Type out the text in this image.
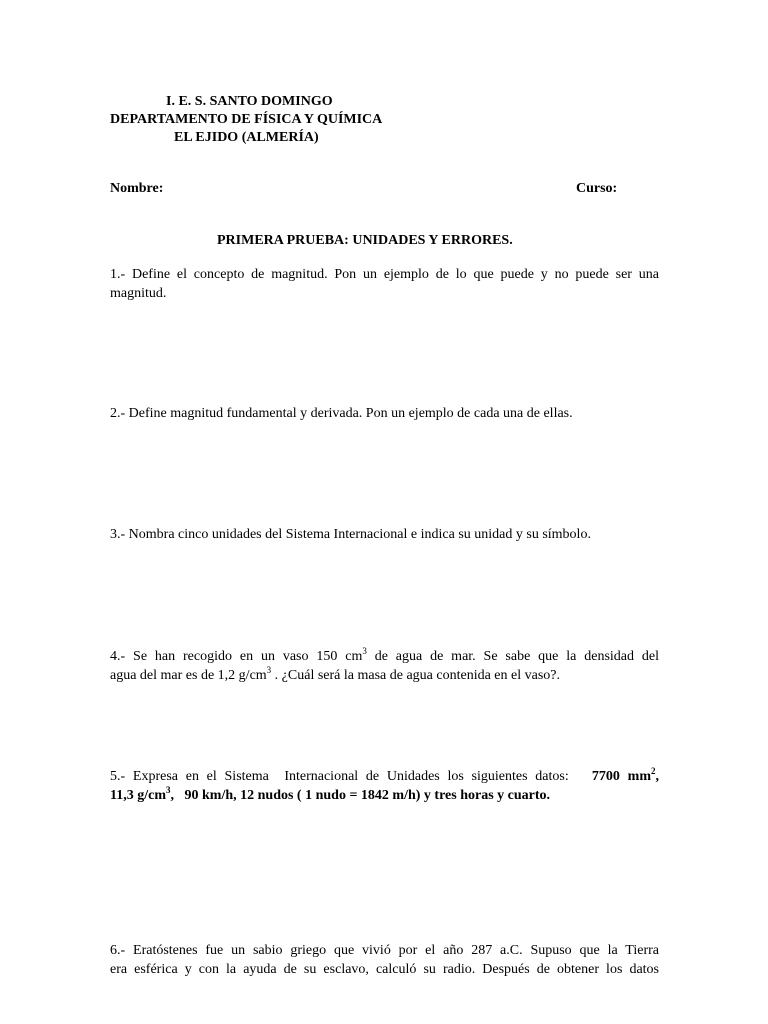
I. E. S. SANTO DOMINGO
DEPARTAMENTO DE FÍSICA Y QUÍMICA
EL EJIDO (ALMERÍA)
Nombre:	Curso:
PRIMERA PRUEBA: UNIDADES Y ERRORES.
1.- Define el concepto de magnitud. Pon un ejemplo de lo que puede y no puede ser una
magnitud.
2.- Define magnitud fundamental y derivada. Pon un ejemplo de cada una de ellas.
3.- Nombra cinco unidades del Sistema Internacional e indica su unidad y su símbolo.
4.- Se han recogido en un vaso 150 $cm^3$ de agua de mar. Se sabe que la densidad del
agua del mar es de 1,2 $g/cm^3$ . ¿Cuál será la masa de agua contenida en el vaso?.
5.- Expresa en el Sistema  Internacional de Unidades los siguientes datos:   7700 $mm^2$,
11,3 $g/cm^3$,   90 km/h, 12 nudos ( 1 nudo = 1842 m/h) y tres horas y cuarto.
6.- Eratóstenes fue un sabio griego que vivió por el año 287 a.C. Supuso que la Tierra
era esférica y con la ayuda de su esclavo, calculó su radio. Después de obtener los datos
